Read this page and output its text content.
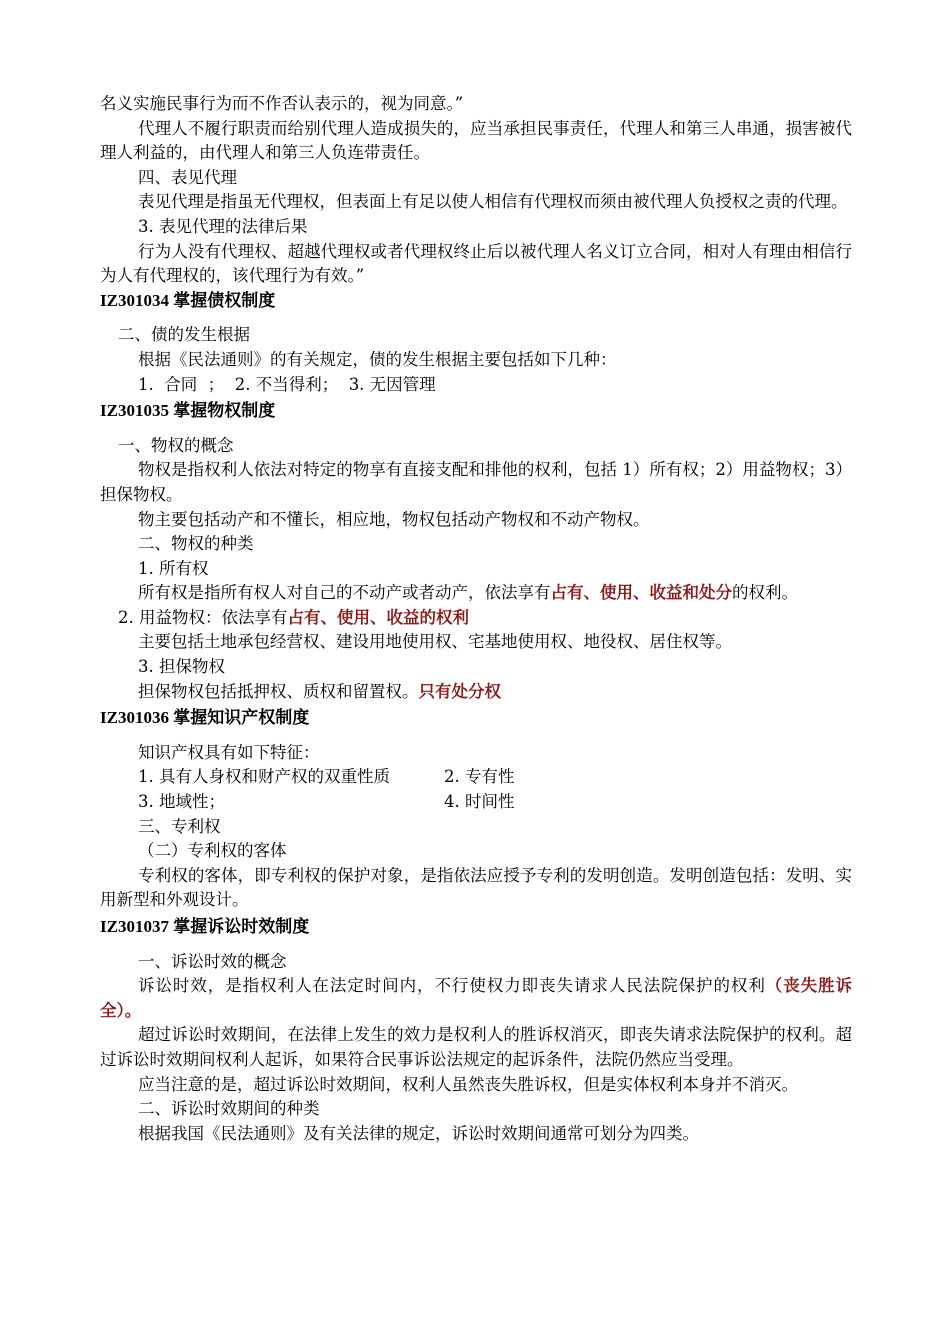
名义实施民事行为而不作否认表示的，视为同意。”

代理人不履行职责而给别代理人造成损失的，应当承担民事责任，代理人和第三人串通，损害被代理人利益的，由代理人和第三人负连带责任。

四、表见代理

表见代理是指虽无代理权，但表面上有足以使人相信有代理权而须由被代理人负授权之责的代理。

3. 表见代理的法律后果

行为人没有代理权、超越代理权或者代理权终止后以被代理人名义订立合同，相对人有理由相信行为人有代理权的，该代理行为有效。”

IZ301034 掌握债权制度

二、债的发生根据

根据《民法通则》的有关规定，债的发生根据主要包括如下几种：

1.  合同  ；  2. 不当得利；  3. 无因管理

IZ301035 掌握物权制度

一、物权的概念

物权是指权利人依法对特定的物享有直接支配和排他的权利，包括 1）所有权；2）用益物权；3）担保物权。

物主要包括动产和不懂长，相应地，物权包括动产物权和不动产物权。

二、物权的种类

1. 所有权

所有权是指所有权人对自己的不动产或者动产，依法享有占有、使用、收益和处分的权利。

2. 用益物权：依法享有占有、使用、收益的权利

主要包括土地承包经营权、建设用地使用权、宅基地使用权、地役权、居住权等。

3. 担保物权

担保物权包括抵押权、质权和留置权。只有处分权

IZ301036 掌握知识产权制度

知识产权具有如下特征：

1. 具有人身权和财产权的双重性质	2. 专有性
3. 地域性；	4. 时间性

三、专利权

（二）专利权的客体

专利权的客体，即专利权的保护对象，是指依法应授予专利的发明创造。发明创造包括：发明、实用新型和外观设计。

IZ301037 掌握诉讼时效制度

一、诉讼时效的概念

诉讼时效，是指权利人在法定时间内，不行使权力即丧失请求人民法院保护的权利（丧失胜诉全）。

超过诉讼时效期间，在法律上发生的效力是权利人的胜诉权消灭，即丧失请求法院保护的权利。超过诉讼时效期间权利人起诉，如果符合民事诉讼法规定的起诉条件，法院仍然应当受理。

应当注意的是，超过诉讼时效期间，权利人虽然丧失胜诉权，但是实体权利本身并不消灭。

二、诉讼时效期间的种类

根据我国《民法通则》及有关法律的规定，诉讼时效期间通常可划分为四类。
